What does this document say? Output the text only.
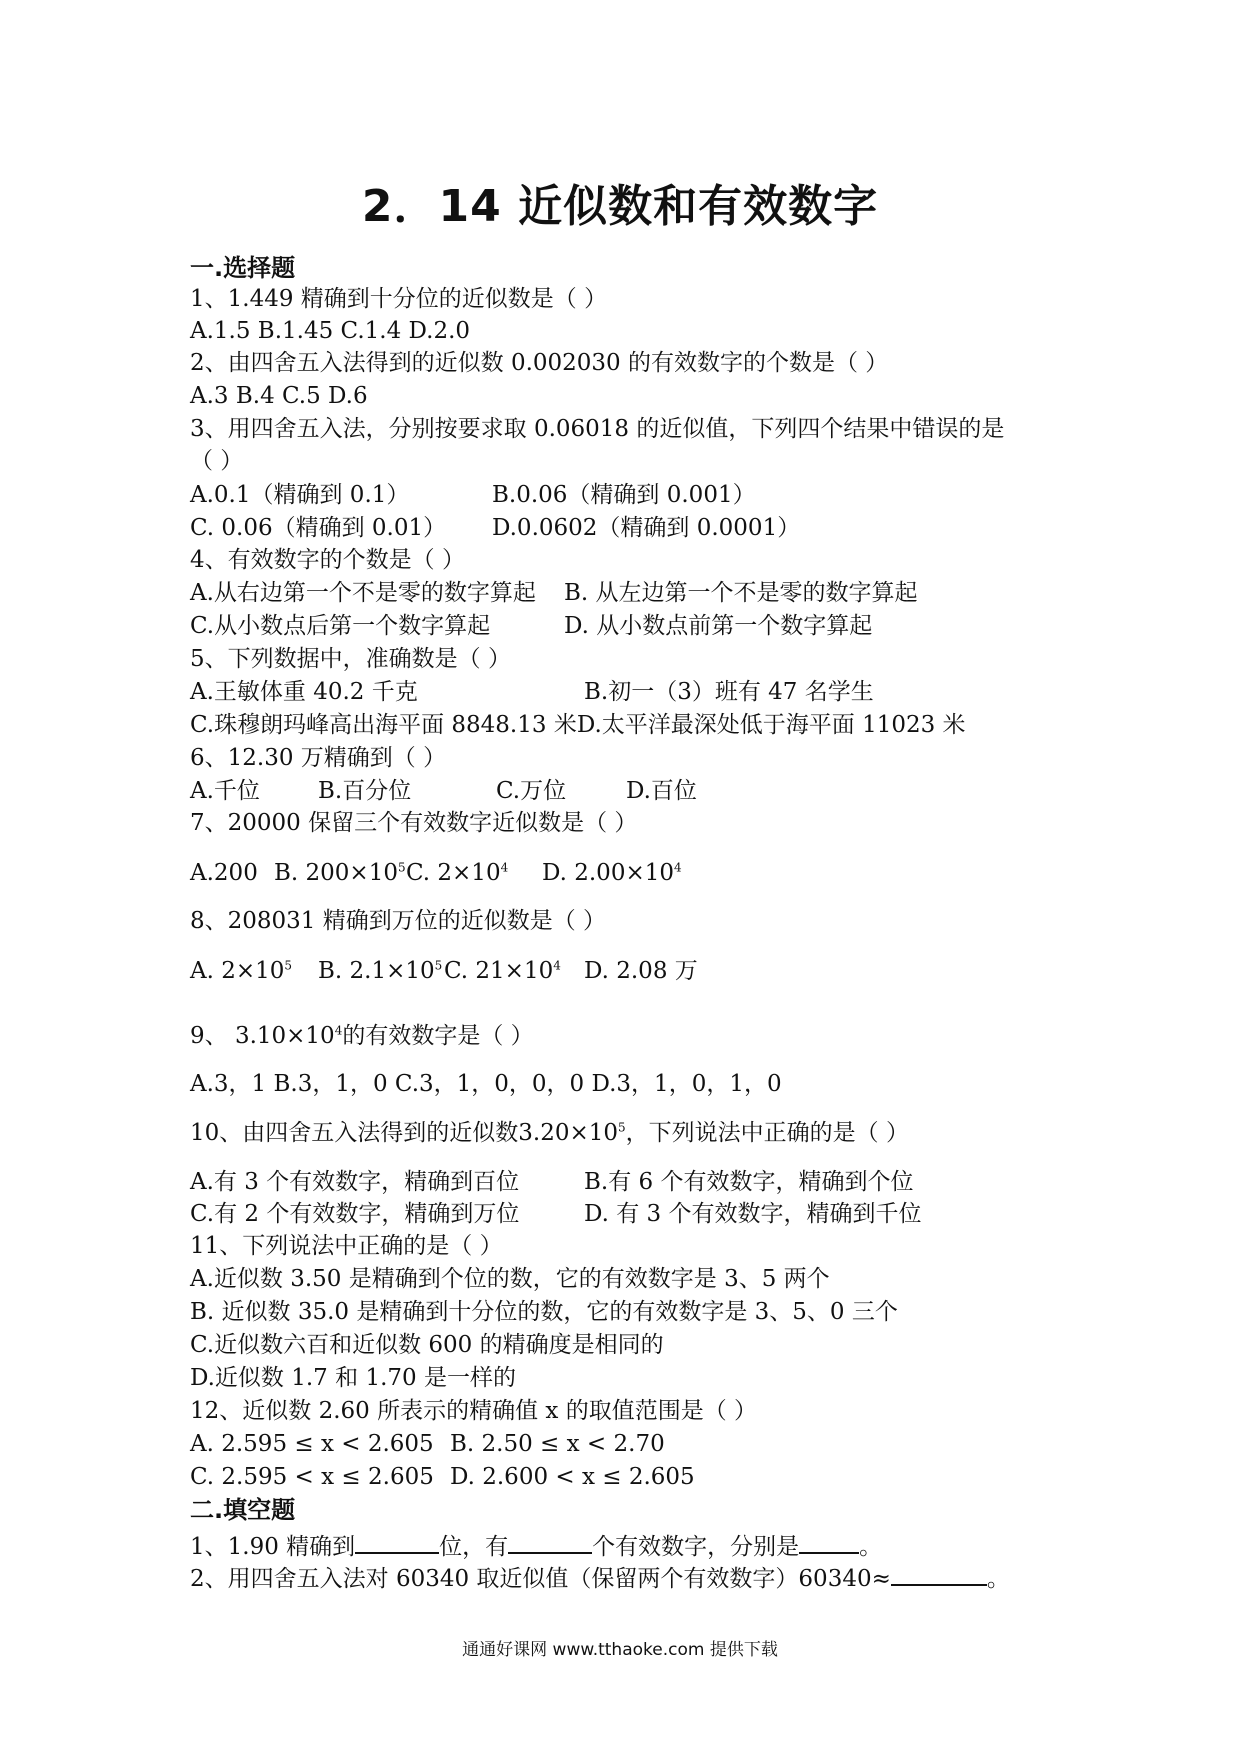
2．14 近似数和有效数字
一.选择题
1、1.449 精确到十分位的近似数是（ ）
A.1.5 B.1.45 C.1.4 D.2.0
2、由四舍五入法得到的近似数 0.002030 的有效数字的个数是（ ）
A.3 B.4 C.5 D.6
3、用四舍五入法，分别按要求取 0.06018 的近似值，下列四个结果中错误的是
（ ）
A.0.1（精确到 0.1）	B.0.06（精确到 0.001）
C. 0.06（精确到 0.01） D.0.0602（精确到 0.0001）
4、有效数字的个数是（ ）
A.从右边第一个不是零的数字算起 B. 从左边第一个不是零的数字算起
C.从小数点后第一个数字算起	D. 从小数点前第一个数字算起
5、下列数据中，准确数是（ ）
A.王敏体重 40.2 千克	B.初一（3）班有 47 名学生
C.珠穆朗玛峰高出海平面 8848.13 米D.太平洋最深处低于海平面 11023 米
6、12.30 万精确到（ ）
A.千位	B.百分位	C.万位	D.百位
7、20000 保留三个有效数字近似数是（ ）
A.200 B. $200\times 10^5$ C. $2\times 10^4$ D. $2.00\times 10^4$
8、208031 精确到万位的近似数是（ ）
A. $2\times 10^5$ B. $2.1\times 10^5$ C. $21\times 10^4$ D. 2.08 万
9、 $3.10\times 10^4$的有效数字是（ ）
A.3，1 B.3，1，0 C.3，1，0，0，0 D.3，1，0，1，0
10、由四舍五入法得到的近似数$3.20\times 10^5$，下列说法中正确的是（ ）
A.有 3 个有效数字，精确到百位	B.有 6 个有效数字，精确到个位
C.有 2 个有效数字，精确到万位	D. 有 3 个有效数字，精确到千位
11、下列说法中正确的是（ ）
A.近似数 3.50 是精确到个位的数，它的有效数字是 3、5 两个
B. 近似数 35.0 是精确到十分位的数，它的有效数字是 3、5、0 三个
C.近似数六百和近似数 600 的精确度是相同的
D.近似数 1.7 和 1.70 是一样的
12、近似数 2.60 所表示的精确值 x 的取值范围是（ ）
A. 2.595 ≤ x < 2.605 B. 2.50 ≤ x < 2.70
C. 2.595 < x ≤ 2.605 D. 2.600 < x ≤ 2.605
二.填空题
1、1.90 精确到	位，有	个有效数字，分别是	。
2、用四舍五入法对 60340 取近似值（保留两个有效数字）60340≈	。
通通好课网 www.tthaoke.com 提供下载
